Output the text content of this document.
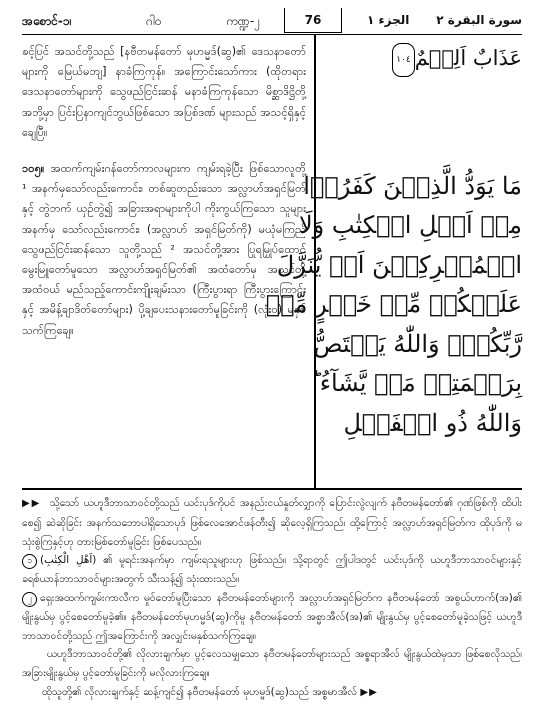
အစောင်-၁၊	ဂါ၀	ကဏ္ဍ-၂	76	الجزء ١ سورة البقرة ٢

ၶင့်ပြင် အသင်တို့သည် [နဗီတမန်တော် မုဟမ္မဒ်(ဆွ)၏ ဒေသနာတော်များကို မြေယ်မဘျ] နာခံကြကုန်။ အကြောင်းသော်ကား (ထိုတရားဒေသနာတော်များကို သွေဖည်ငြင်းဆန် မနာခံကြကုန်သော မိစ္ဆာဒိဋ္ဌိတို့ အဘို့မှာ ပြင်းပြနာကျင်ဘွယ်ဖြစ်သော အပြစ်ဒဏ် များသည် အသင့်ရှိနှင့်ချေပြီ။

၁၀၅။ အထက်ကျမ်းဂန်တော်ကာလများက ကျမ်းရခဲ့ပြီး ဖြစ်သောလူတို့ ¹ အနက်မှသော်လည်းကောင်း၊ တစ်ဆူတည်းသော အလ္လာဟ်အရှင်မြတ်နှင့် တွဲဘက် ယှဉ်တွဲ၍ အခြားအရာများကိုပါ ကိုးကွယ်ကြသော သူများအနက်မှ သော်လည်းကောင်း၊ (အလ္လာဟ် အရှင်မြတ်ကို) မယုံမကြည် သွေဖည်ငြင်းဆန်သော သူတို့သည် ² အသင်တို့အား ပြုရမြှုပ်ထောင် မွေးမြူတော်မူသော အလ္လာဟ်အရှင်မြတ်၏ အထံတော်မှ အသင်တို့အထံ၀ယ် မည်သည့်ကောင်းကျိုးချမ်းသာ (ကြီးပွားရာ ကြီးပွားကြောင်းနှင့် အမိန့်ချာဒိတ်တော်များ) ပို့ချပေးသနားတော်မူခြင်းကို (လုံး၀) မနှစ်သက်ကြချေ။

عَذَابٌ اَلِيۡمٌ١٠٤

مَا يَوَدُّ الَّذِيۡنَ كَفَرُوۡا
مِنۡ اَهۡلِ الۡكِتٰبِ وَلَا
الۡمُشۡرِكِيۡنَ اَنۡ يُّنَزَّلَ
عَلَيۡكُمۡ مِّنۡ خَيۡرٍ مِّنۡ
رَّبِّكُمۡؕ وَاللّٰهُ يَخۡتَصُّ
بِرَحۡمَتِهٖ مَنۡ يَّشَآءُ ؕ
وَاللّٰهُ ذُو الۡفَضۡلِ

▶▶ သို့သော် ယဟူဒီဘာသာ၀င်တို့သည် ယင်းပုဒ်ကိုပင် အနည်းငယ်နှုတ်လျှာကို ပြောင်းလွဲလျက် နဗီတမန်တော်၏ ဂုဏ်ဖြစ်ကို ထိပါးစေ၍ ဆဲဆိုခြင်း အနက်သဘောပါရှိသောပုဒ် ဖြစ်လေအောင်ဖန်တီး၍ ဆိုလေ့ရှိကြသည်၊ ထို့ကြောင့် အလ္လာဟ်အရှင်မြတ်က ထိုပုဒ်ကို မသုံးစွဲကြနှင့်ဟု တားမြစ်တော်မူခြင်း ဖြစ်ပေသည်။

၁ (اَهْلِ الْكِتٰبِ) ၏ မူရင်းအနက်မှာ ကျမ်းရသူများဟု ဖြစ်သည်။ သို့ရာတွင် ဤပါဒတွင် ယင်းပုဒ်ကို ယဟူဒီဘာသာ၀င်များနှင့် ခရစ်ယာန်ဘာသာ၀င်များအတွက် သီးသန့်၍ သုံးထားသည်။

၂ ရှေးအထက်ကျမ်းကာလီက မှုဝ်တော်မူပြီးသော နဗီတမန်တော်များကို အလ္လာဟ်အရှင်မြတ်က နဗီတမန်တော် အစွယ်ဟာက်(အ)၏ မျိုးနွယ်မှ ပွင့်စေတော်မူခဲ့၏။ နဗီတမန်တော်မုဟမ္မဒ်(ဆွ)ကိုမူ နဗီတမန်တော် အစ္မာအီလ်(အ)၏ မျိုးနွယ်မှ ပွင့်စေတော်မူခဲ့သဖြင့် ယဟူဒီဘာသာ၀င်တို့သည် ဤအကြောင်းကို အလျှင်းမနှစ်သက်ကြချေ။

ယဟူဒီဘာသာ၀င်တို့၏ လိုလားချက်မှာ ပွင့်လေသမျှသော နဗီတမန်တော်များသည် အစ္စရာအီလ် မျိုးနွယ်ထဲမှသာ ဖြစ်စေလိုသည်၊ အခြားမျိုးနွယ်မှ ပွင့်တော်မူခြင်းကို မလိုလားကြချေ။

ထိုသူတို့၏ လိုလားချက်နှင့် ဆန့်ကျင်၍ နဗီတမန်တော် မုဟမ္မဒ်(ဆွ)သည် အစ္စမာအီလ် ▶▶
